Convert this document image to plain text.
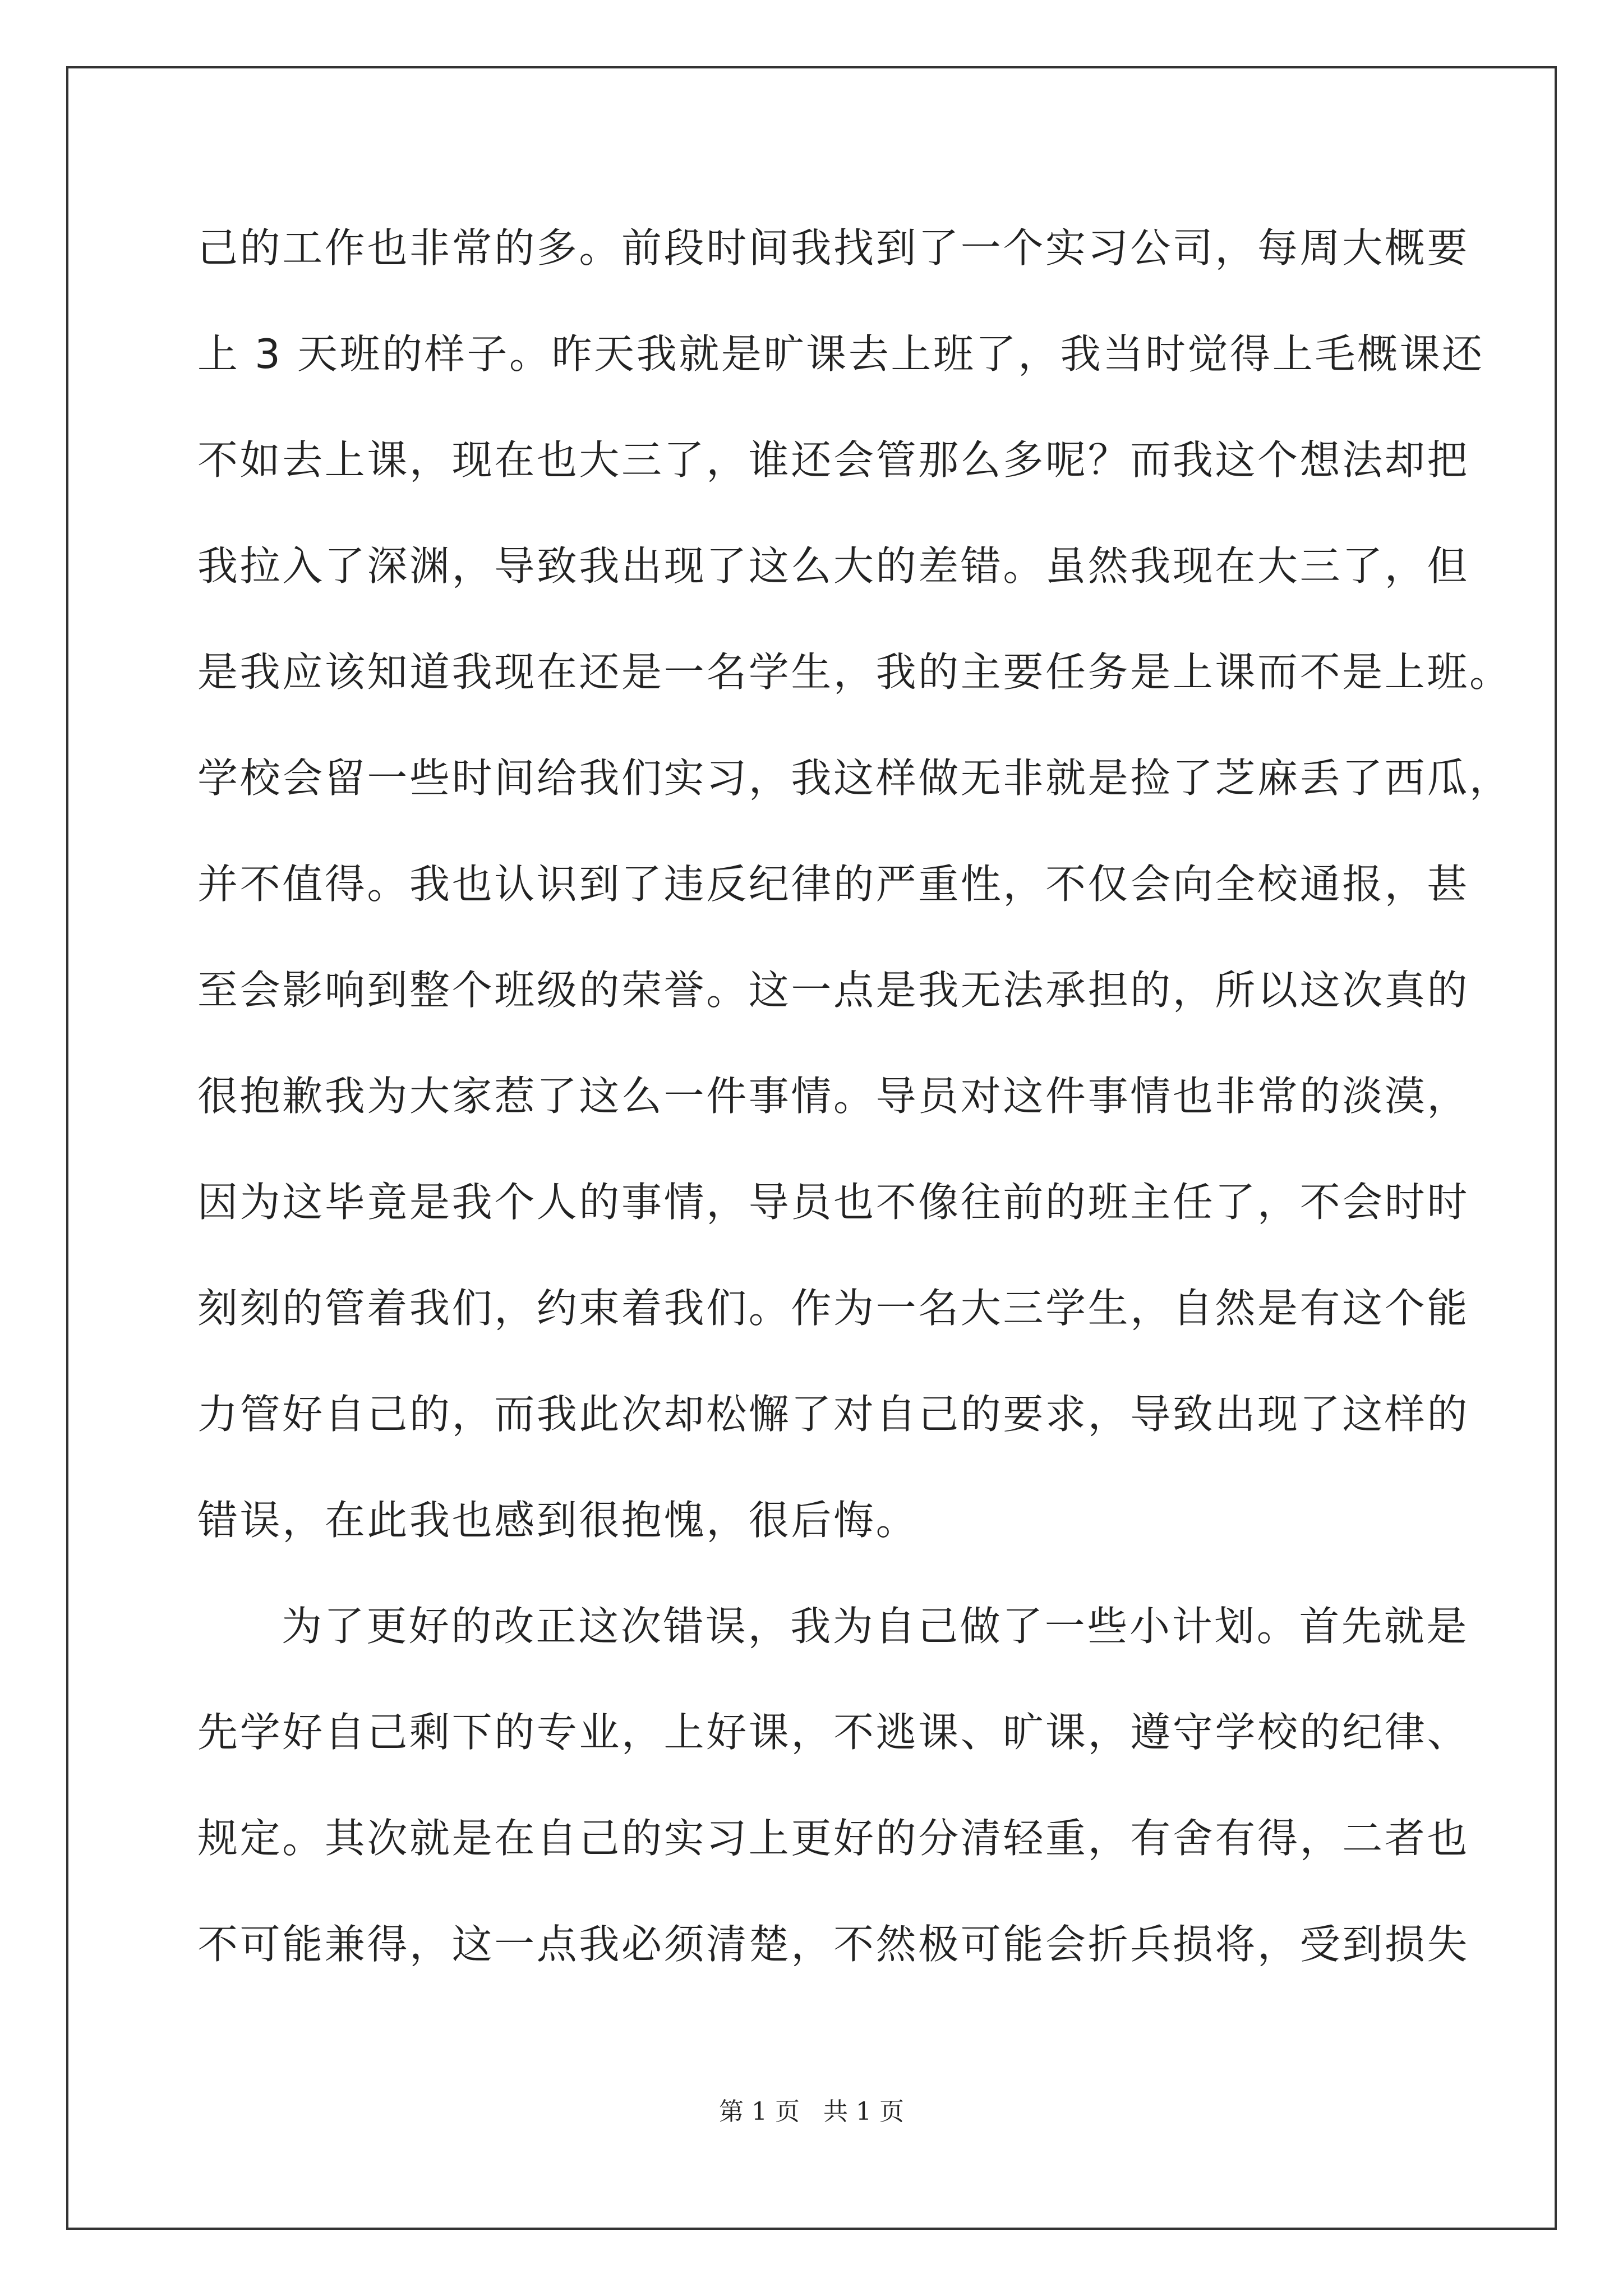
己的工作也非常的多。前段时间我找到了一个实习公司，每周大概要
上 3 天班的样子。昨天我就是旷课去上班了，我当时觉得上毛概课还
不如去上课，现在也大三了，谁还会管那么多呢？而我这个想法却把
我拉入了深渊，导致我出现了这么大的差错。虽然我现在大三了，但
是我应该知道我现在还是一名学生，我的主要任务是上课而不是上班。
学校会留一些时间给我们实习，我这样做无非就是捡了芝麻丢了西瓜，
并不值得。我也认识到了违反纪律的严重性，不仅会向全校通报，甚
至会影响到整个班级的荣誉。这一点是我无法承担的，所以这次真的
很抱歉我为大家惹了这么一件事情。导员对这件事情也非常的淡漠，
因为这毕竟是我个人的事情，导员也不像往前的班主任了，不会时时
刻刻的管着我们，约束着我们。作为一名大三学生，自然是有这个能
力管好自己的，而我此次却松懈了对自己的要求，导致出现了这样的
错误，在此我也感到很抱愧，很后悔。
为了更好的改正这次错误，我为自己做了一些小计划。首先就是
先学好自己剩下的专业，上好课，不逃课、旷课，遵守学校的纪律、
规定。其次就是在自己的实习上更好的分清轻重，有舍有得，二者也
不可能兼得，这一点我必须清楚，不然极可能会折兵损将，受到损失
第 1 页   共 1 页
